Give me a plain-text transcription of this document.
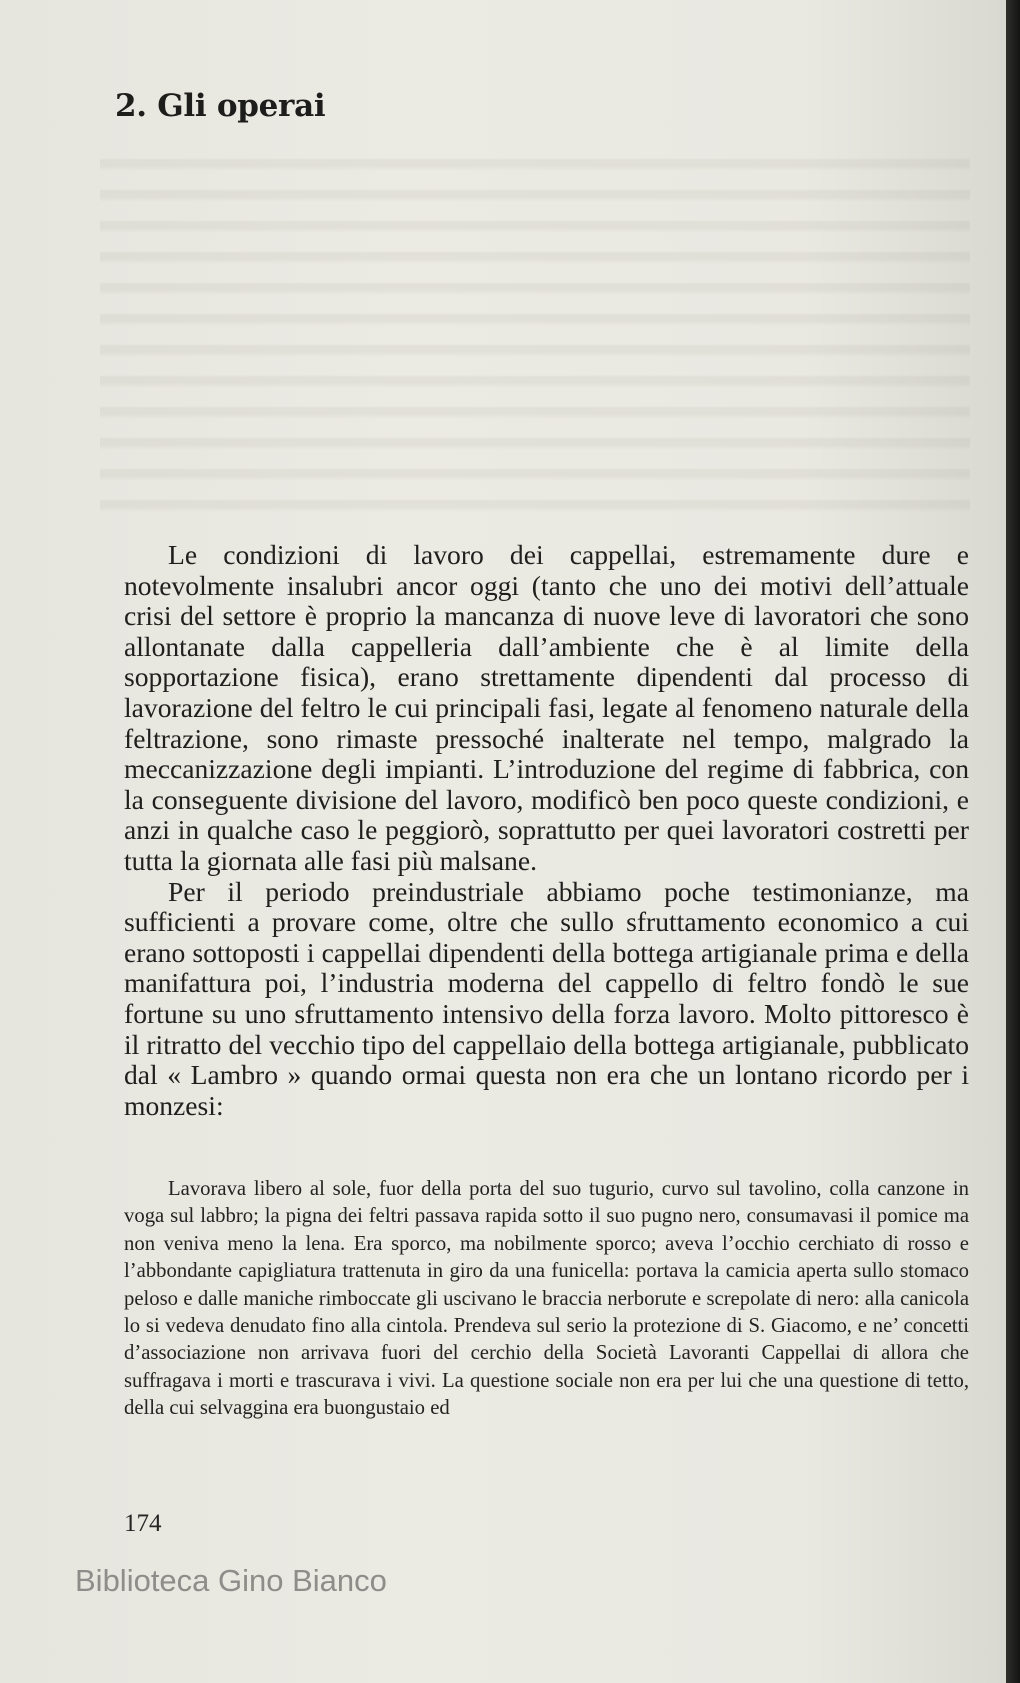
2. Gli operai

Le condizioni di lavoro dei cappellai, estremamente dure e notevolmente insalubri ancor oggi (tanto che uno dei motivi dell’attuale crisi del settore è proprio la mancanza di nuove leve di lavoratori che sono allontanate dalla cappelleria dall’ambiente che è al limite della sopportazione fisica), erano strettamente dipendenti dal processo di lavorazione del feltro le cui principali fasi, legate al fenomeno naturale della feltrazione, sono rimaste pressoché inalterate nel tempo, malgrado la meccanizzazione degli impianti. L’introduzione del regime di fabbrica, con la conseguente divisione del lavoro, modificò ben poco queste condizioni, e anzi in qualche caso le peggiorò, soprattutto per quei lavoratori costretti per tutta la giornata alle fasi più malsane.

Per il periodo preindustriale abbiamo poche testimonianze, ma sufficienti a provare come, oltre che sullo sfruttamento economico a cui erano sottoposti i cappellai dipendenti della bottega artigianale prima e della manifattura poi, l’industria moderna del cappello di feltro fondò le sue fortune su uno sfruttamento intensivo della forza lavoro. Molto pittoresco è il ritratto del vecchio tipo del cappellaio della bottega artigianale, pubblicato dal « Lambro » quando ormai questa non era che un lontano ricordo per i monzesi:

Lavorava libero al sole, fuor della porta del suo tugurio, curvo sul tavolino, colla canzone in voga sul labbro; la pigna dei feltri passava rapida sotto il suo pugno nero, consumavasi il pomice ma non veniva meno la lena. Era sporco, ma nobilmente sporco; aveva l’occhio cerchiato di rosso e l’abbondante capigliatura trattenuta in giro da una funicella: portava la camicia aperta sullo stomaco peloso e dalle maniche rimboccate gli uscivano le braccia nerborute e screpolate di nero: alla canicola lo si vedeva denudato fino alla cintola. Prendeva sul serio la protezione di S. Giacomo, e ne’ concetti d’associazione non arrivava fuori del cerchio della Società Lavoranti Cappellai di allora che suffragava i morti e trascurava i vivi. La questione sociale non era per lui che una questione di tetto, della cui selvaggina era buongustaio ed

174
Biblioteca Gino Bianco
